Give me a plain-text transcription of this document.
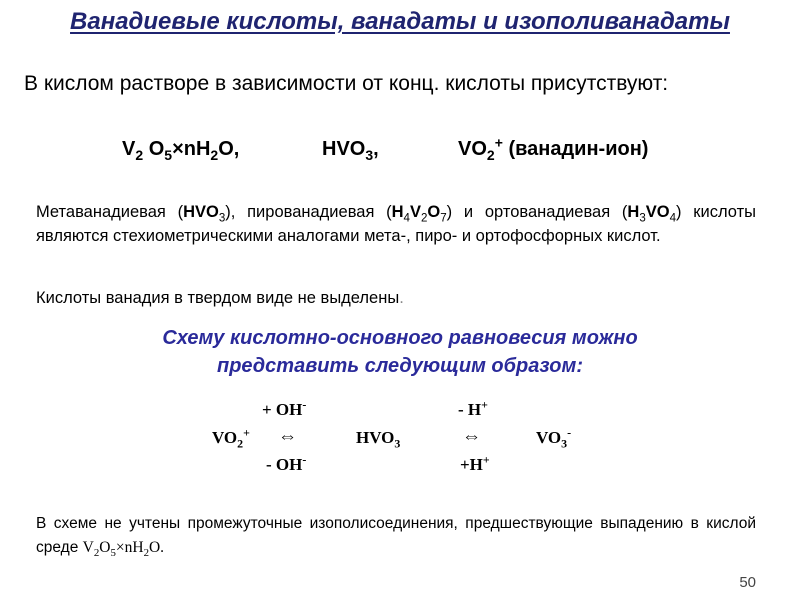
Ванадиевые кислоты, ванадаты и изополиванадаты
В кислом растворе в зависимости от конц. кислоты присутствуют:
$V_2$ $O_5\times nH_2O$,	$HVO_3$,	$VO_2^+$ (ванадин-ион)
Метаванадиевая $(HVO_3)$, пированадиевая $(H_4V_2O_7)$ и ортованадиевая $(H_3VO_4)$ кислоты являются стехиометрическими аналогами мета-, пиро- и ортофосфорных кислот.
Кислоты ванадия в твердом виде не выделены.
Схему кислотно-основного равновесия можно
представить следующим образом:
+ OH-	- H+
$VO_2^+$ ⇔	$HVO_3$	⇔	$VO_3^-$
- OH-	+H+
В схеме не учтены промежуточные изополисоединения, предшествующие выпадению в кислой среде $V_2O_5\times nH_2O$.
50
